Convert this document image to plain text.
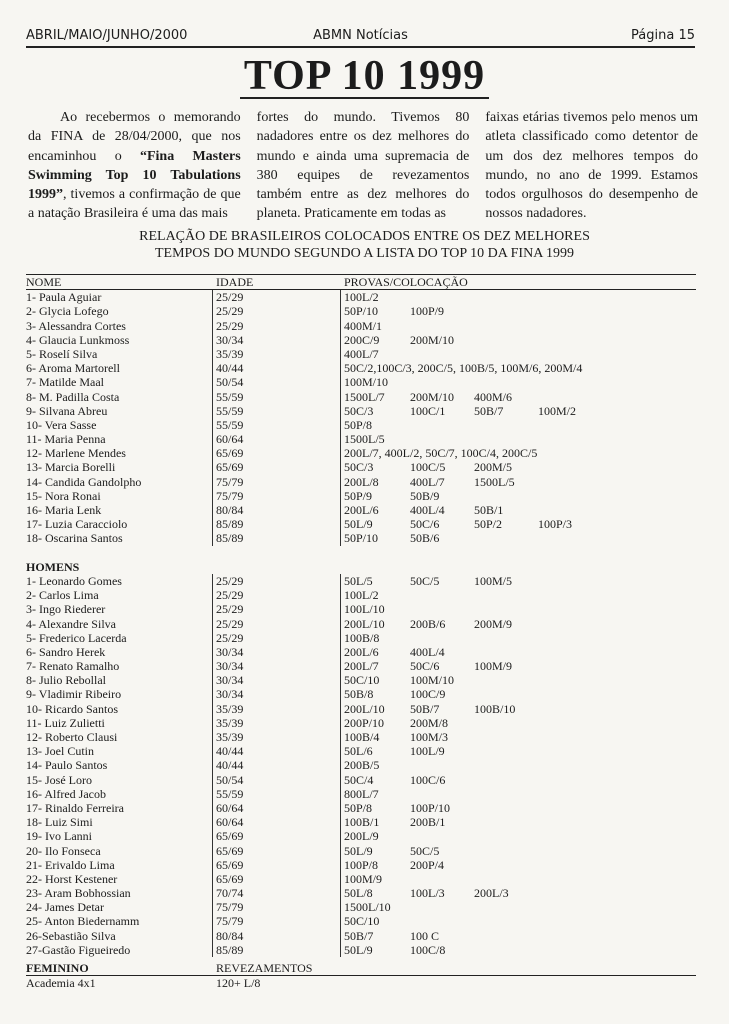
ABRIL/MAIO/JUNHO/2000	ABMN Notícias	Página 15
TOP 10 1999
Ao recebermos o memorando da FINA de 28/04/2000, que nos encaminhou o “Fina Masters Swimming Top 10 Tabulations 1999”, tivemos a confirmação de que a natação Brasileira é uma das mais
fortes do mundo. Tivemos 80 nadadores entre os dez melhores do mundo e ainda uma supremacia de 380 equipes de revezamentos também entre as dez melhores do planeta. Praticamente em todas as
faixas etárias tivemos pelo menos um atleta classificado como detentor de um dos dez melhores tempos do mundo, no ano de 1999. Estamos todos orgulhosos do desempenho de nossos nadadores.
RELAÇÃO DE BRASILEIROS COLOCADOS ENTRE OS DEZ MELHORES
TEMPOS DO MUNDO SEGUNDO A LISTA DO TOP 10 DA FINA 1999
NOME	IDADE	PROVAS/COLOCAÇÃO
1- Paula Aguiar	25/29	100L/2
2- Glycia Lofego	25/29	50P/10	100P/9
3- Alessandra Cortes	25/29	400M/1
4- Glaucia Lunkmoss	30/34	200C/9	200M/10
5- Roselí Silva	35/39	400L/7
6- Aroma Martorell	40/44	50C/2,100C/3, 200C/5, 100B/5, 100M/6, 200M/4
7- Matilde Maal	50/54	100M/10
8- M. Padilla Costa	55/59	1500L/7 200M/10 400M/6
9- Silvana Abreu	55/59	50C/3	100C/1 50B/7	100M/2
10- Vera Sasse	55/59	50P/8
11- Maria Penna	60/64	1500L/5
12- Marlene Mendes	65/69	200L/7, 400L/2, 50C/7, 100C/4, 200C/5
13- Marcia Borelli	65/69	50C/3	100C/5 200M/5
14- Candida Gandolpho	75/79	200L/8	400L/7 1500L/5
15- Nora Ronai	75/79	50P/9	50B/9
16- Maria Lenk	80/84	200L/6	400L/4 50B/1
17- Luzia Caracciolo	85/89	50L/9	50C/6	50P/2	100P/3
18- Oscarina Santos	85/89	50P/10	50B/6
HOMENS
1- Leonardo Gomes	25/29	50L/5	50C/5	100M/5
2- Carlos Lima	25/29	100L/2
3- Ingo Riederer	25/29	100L/10
4- Alexandre Silva	25/29	200L/10 200B/6 200M/9
5- Frederico Lacerda	25/29	100B/8
6- Sandro Herek	30/34	200L/6	400L/4
7- Renato Ramalho	30/34	200L/7	50C/6	100M/9
8- Julio Rebollal	30/34	50C/10	100M/10
9- Vladimir Ribeiro	30/34	50B/8	100C/9
10- Ricardo Santos	35/39	200L/10 50B/7	100B/10
11- Luiz Zulietti	35/39	200P/10 200M/8
12- Roberto Clausi	35/39	100B/4	100M/3
13- Joel Cutin	40/44	50L/6	100L/9
14- Paulo Santos	40/44	200B/5
15- José Loro	50/54	50C/4	100C/6
16- Alfred Jacob	55/59	800L/7
17- Rinaldo Ferreira	60/64	50P/8	100P/10
18- Luiz Simi	60/64	100B/1	200B/1
19- Ivo Lanni	65/69	200L/9
20- Ilo Fonseca	65/69	50L/9	50C/5
21- Erivaldo Lima	65/69	100P/8	200P/4
22- Horst Kestener	65/69	100M/9
23- Aram Bobhossian	70/74	50L/8	100L/3 200L/3
24- James Detar	75/79	1500L/10
25- Anton Biedernamm	75/79	50C/10
26-Sebastião Silva	80/84	50B/7	100 C
27-Gastão Figueiredo	85/89	50L/9	100C/8
FEMININO	REVEZAMENTOS
Academia 4x1	120+ L/8
